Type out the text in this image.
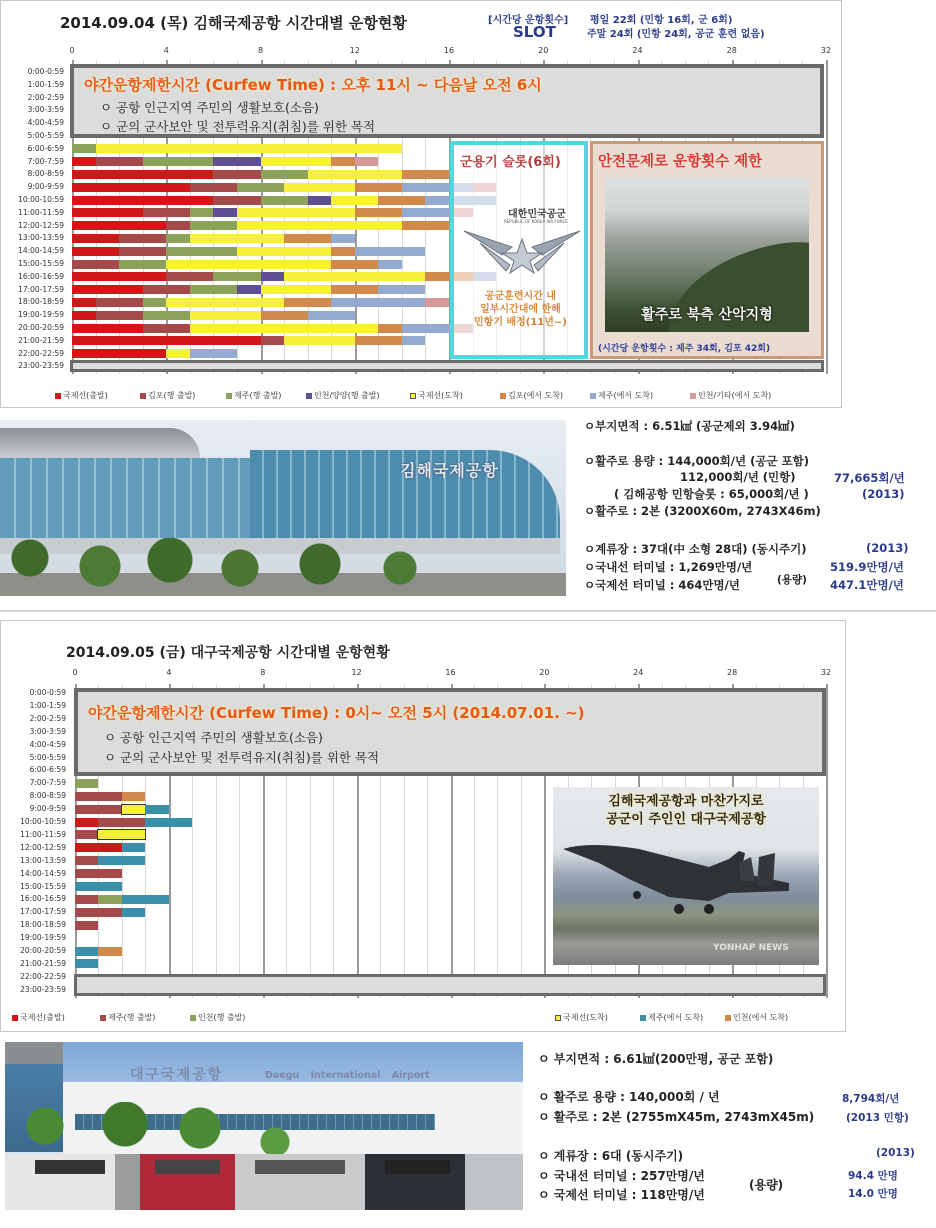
2014.09.04 (목) 김해국제공항 시간대별 운항현황	[시간당 운항횟수]
SLOT
평일 22회 (민항 16회, 군 6회)
주말 24회 (민항 24회, 공군 훈련 없음)
0	4	8	12	16	20	24	28	32
0:00-0:59
1:00-1:59
2:00-2:59
3:00-3:59
4:00-4:59
5:00-5:59
6:00-6:59
7:00-7:59
8:00-8:59
9:00-9:59
10:00-10:59
11:00-11:59
12:00-12:59
13:00-13:59
14:00-14:59
15:00-15:59
16:00-16:59
17:00-17:59
18:00-18:59
19:00-19:59
20:00-20:59
21:00-21:59
22:00-22:59
23:00-23:59
야간운항제한시간 (Curfew Time) : 오후 11시 ~ 다음날 오전 6시
ㅇ 공항 인근지역 주민의 생활보호(소음)
ㅇ 군의 군사보안 및 전투력유지(취침)를 위한 목적
군용기 슬롯(6회)
대한민국공군
REPUBLIC OF KOREA AIR FORCE
공군훈련시간 내
일부시간대에 한해
민항기 배정(11년~)
안전문제로 운항횟수 제한
활주로 북측 산악지형
(시간당 운항횟수 : 제주 34회, 김포 42회)
국제선(출발)	김포(행 출발)	제주(행 출발)	인천/양양(행 출발)	국제선(도착)	김포(에서 도착)	제주(에서 도착)	인천/기타(에서 도착)
김해국제공항
ㅇ부지면적 : 6.51㎢ (공군제외 3.94㎢)
ㅇ활주로 용량 : 144,000회/년 (공군 포함)
112,000회/년 (민항)	77,665회/년
( 김해공항 민항슬롯 : 65,000회/년 )	(2013)
ㅇ활주로 : 2본 (3200X60m, 2743X46m)
ㅇ계류장 : 37대(中 소형 28대) (동시주기)	(2013)
ㅇ국내선 터미널 : 1,269만명/년
ㅇ국제선 터미널 : 464만명/년	(용량)
519.9만명/년
447.1만명/년
2014.09.05 (금) 대구국제공항 시간대별 운항현황
0	4	8	12	16	20	24	28	32
0:00-0:59
1:00-1:59
2:00-2:59
3:00-3:59
4:00-4:59
5:00-5:59
6:00-6:59
7:00-7:59
8:00-8:59
9:00-9:59
10:00-10:59
11:00-11:59
12:00-12:59
13:00-13:59
14:00-14:59
15:00-15:59
16:00-16:59
17:00-17:59
18:00-18:59
19:00-19:59
20:00-20:59
21:00-21:59
22:00-22:59
23:00-23:59
야간운항제한시간 (Curfew Time) : 0시~ 오전 5시 (2014.07.01. ~)
ㅇ 공항 인근지역 주민의 생활보호(소음)
ㅇ 군의 군사보안 및 전투력유지(취침)를 위한 목적
김해국제공항과 마찬가지로
공군이 주인인 대구국제공항
YONHAP NEWS
국제선(출발)	제주(행 출발)	인천(행 출발)	국제선(도착)	제주(에서 도착)	인천(에서 도착)
대구국제공항	Daegu International Airport
ㅇ 부지면적 : 6.61㎢(200만평, 공군 포함)
ㅇ 활주로 용량 : 140,000회 / 년	8,794회/년
ㅇ 활주로 : 2본 (2755mX45m, 2743mX45m)	(2013 민항)
ㅇ 계류장 : 6대 (동시주기)	(2013)
ㅇ 국내선 터미널 : 257만명/년
ㅇ 국제선 터미널 : 118만명/년
(용량)
94.4 만명
14.0 만명
